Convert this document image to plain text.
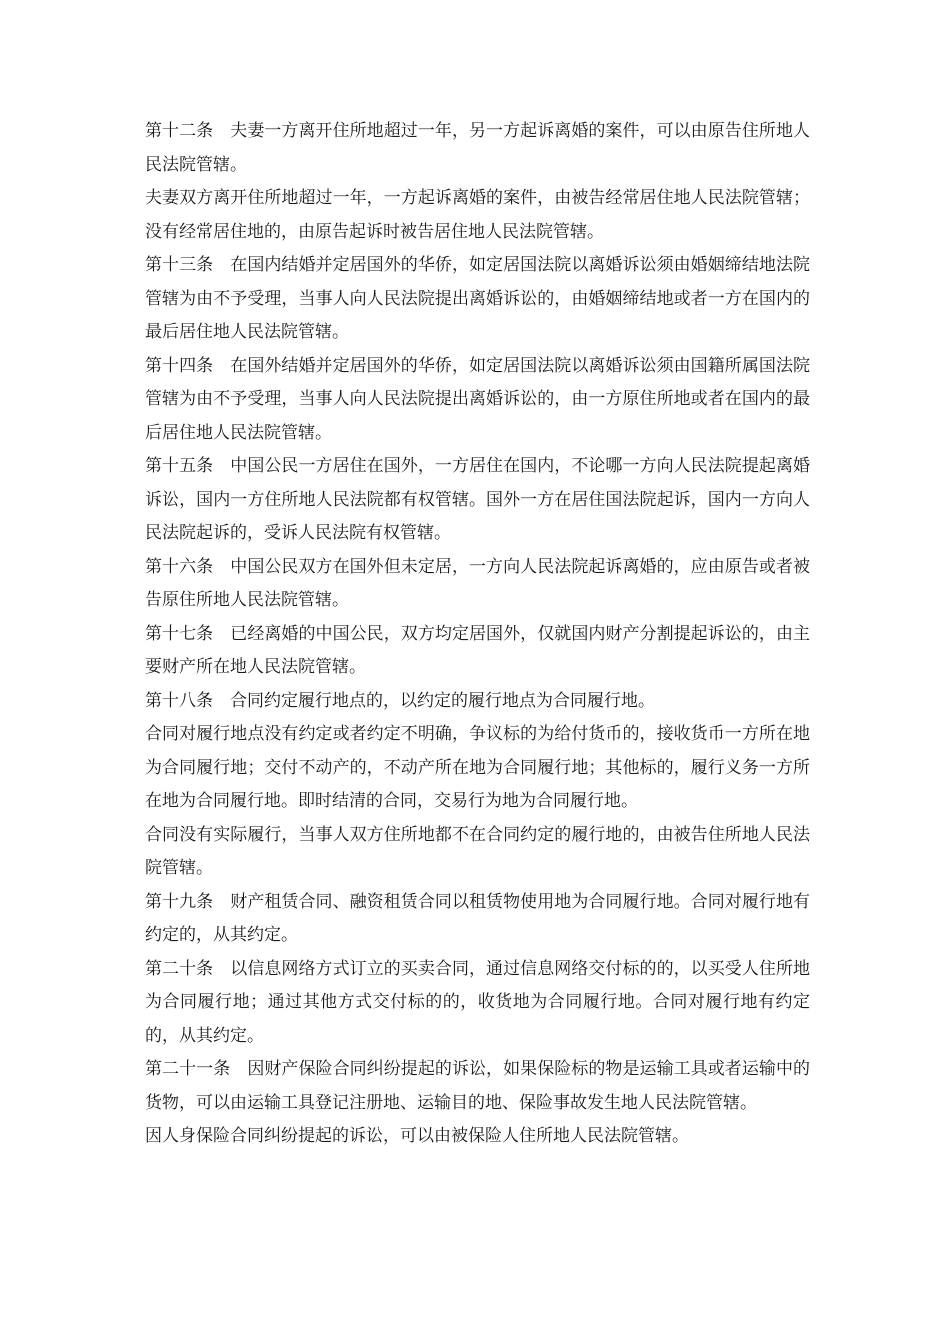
第十二条　夫妻一方离开住所地超过一年，另一方起诉离婚的案件，可以由原告住所地人民法院管辖。

夫妻双方离开住所地超过一年，一方起诉离婚的案件，由被告经常居住地人民法院管辖；没有经常居住地的，由原告起诉时被告居住地人民法院管辖。

第十三条　在国内结婚并定居国外的华侨，如定居国法院以离婚诉讼须由婚姻缔结地法院管辖为由不予受理，当事人向人民法院提出离婚诉讼的，由婚姻缔结地或者一方在国内的最后居住地人民法院管辖。

第十四条　在国外结婚并定居国外的华侨，如定居国法院以离婚诉讼须由国籍所属国法院管辖为由不予受理，当事人向人民法院提出离婚诉讼的，由一方原住所地或者在国内的最后居住地人民法院管辖。

第十五条　中国公民一方居住在国外，一方居住在国内，不论哪一方向人民法院提起离婚诉讼，国内一方住所地人民法院都有权管辖。国外一方在居住国法院起诉，国内一方向人民法院起诉的，受诉人民法院有权管辖。

第十六条　中国公民双方在国外但未定居，一方向人民法院起诉离婚的，应由原告或者被告原住所地人民法院管辖。

第十七条　已经离婚的中国公民，双方均定居国外，仅就国内财产分割提起诉讼的，由主要财产所在地人民法院管辖。

第十八条　合同约定履行地点的，以约定的履行地点为合同履行地。

合同对履行地点没有约定或者约定不明确，争议标的为给付货币的，接收货币一方所在地为合同履行地；交付不动产的，不动产所在地为合同履行地；其他标的，履行义务一方所在地为合同履行地。即时结清的合同，交易行为地为合同履行地。

合同没有实际履行，当事人双方住所地都不在合同约定的履行地的，由被告住所地人民法院管辖。

第十九条　财产租赁合同、融资租赁合同以租赁物使用地为合同履行地。合同对履行地有约定的，从其约定。

第二十条　以信息网络方式订立的买卖合同，通过信息网络交付标的的，以买受人住所地为合同履行地；通过其他方式交付标的的，收货地为合同履行地。合同对履行地有约定的，从其约定。

第二十一条　因财产保险合同纠纷提起的诉讼，如果保险标的物是运输工具或者运输中的货物，可以由运输工具登记注册地、运输目的地、保险事故发生地人民法院管辖。

因人身保险合同纠纷提起的诉讼，可以由被保险人住所地人民法院管辖。
